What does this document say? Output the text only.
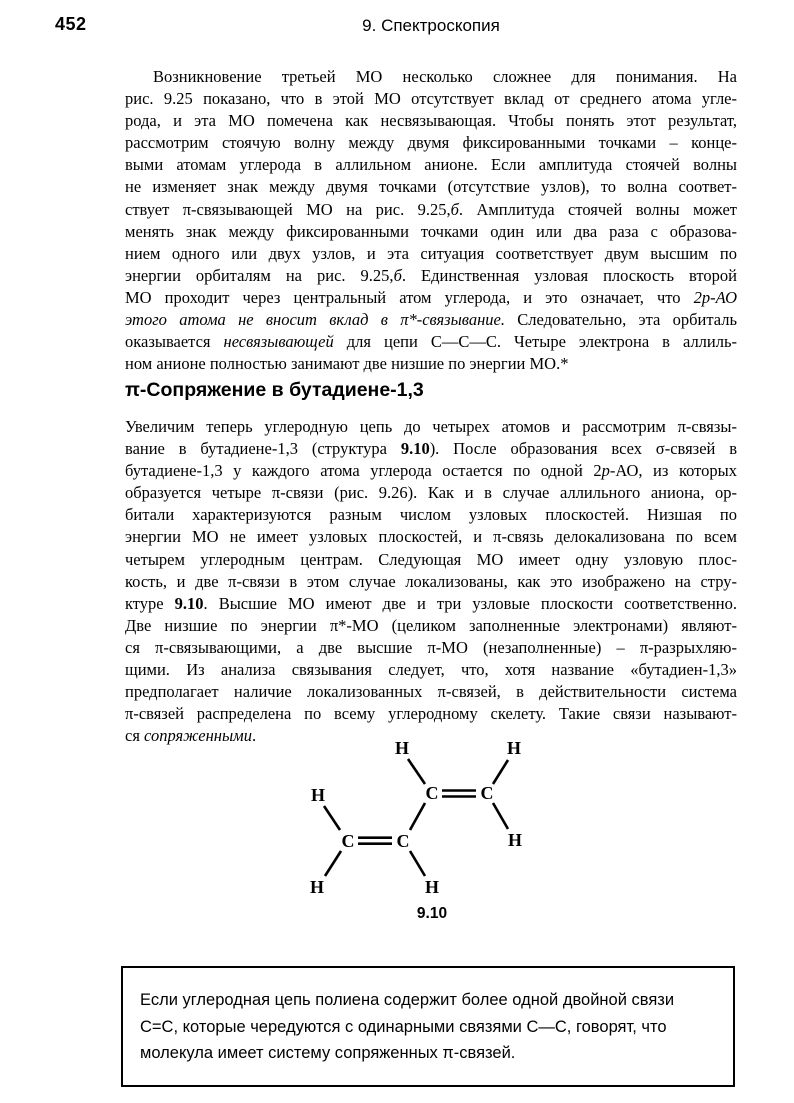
452	9. Спектроскопия
Возникновение третьей МО несколько сложнее для понимания. На
рис. 9.25 показано, что в этой МО отсутствует вклад от среднего атома угле-
рода, и эта МО помечена как несвязывающая. Чтобы понять этот результат,
рассмотрим стоячую волну между двумя фиксированными точками – конце-
выми атомам углерода в аллильном анионе. Если амплитуда стоячей волны
не изменяет знак между двумя точками (отсутствие узлов), то волна соответ-
ствует π-связывающей МО на рис. 9.25,б. Амплитуда стоячей волны может
менять знак между фиксированными точками один или два раза с образова-
нием одного или двух узлов, и эта ситуация соответствует двум высшим по
энергии орбиталям на рис. 9.25,б. Единственная узловая плоскость второй
МО проходит через центральный атом углерода, и это означает, что 2p-АО
этого атома не вносит вклад в π*-связывание. Следовательно, эта орбиталь
оказывается несвязывающей для цепи С—С—С. Четыре электрона в аллиль-
ном анионе полностью занимают две низшие по энергии МО.*
π-Сопряжение в бутадиене-1,3
Увеличим теперь углеродную цепь до четырех атомов и рассмотрим π-связы-
вание в бутадиене-1,3 (структура 9.10). После образования всех σ-связей в
бутадиене-1,3 у каждого атома углерода остается по одной 2p-АО, из которых
образуется четыре π-связи (рис. 9.26). Как и в случае аллильного аниона, ор-
битали характеризуются разным числом узловых плоскостей. Низшая по
энергии МО не имеет узловых плоскостей, и π-связь делокализована по всем
четырем углеродным центрам. Следующая МО имеет одну узловую плос-
кость, и две π-связи в этом случае локализованы, как это изображено на стру-
ктуре 9.10. Высшие МО имеют две и три узловые плоскости соответственно.
Две низшие по энергии π*-МО (целиком заполненные электронами) являют-
ся π-связывающими, а две высшие π-МО (незаполненные) – π-разрыхляю-
щими. Из анализа связывания следует, что, хотя название «бутадиен-1,3»
предполагает наличие локализованных π-связей, в действительности система
π-связей распределена по всему углеродному скелету. Такие связи называют-
ся сопряженными.
H	H
C C
H
H
C C
H	H
9.10
Если углеродная цепь полиена содержит более одной двойной связи
С=С, которые чередуются с одинарными связями С—С, говорят, что
молекула имеет систему сопряженных π-связей.
